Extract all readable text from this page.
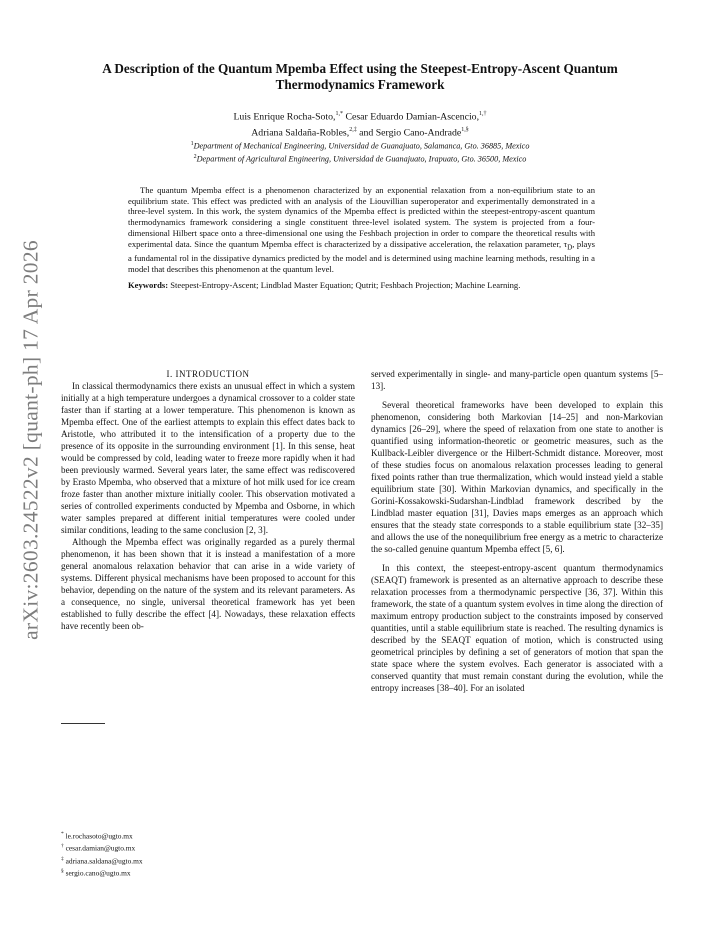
arXiv:2603.24522v2 [quant-ph] 17 Apr 2026
A Description of the Quantum Mpemba Effect using the Steepest-Entropy-Ascent Quantum Thermodynamics Framework
Luis Enrique Rocha-Soto,$^{1,*}$ Cesar Eduardo Damian-Ascencio,$^{1,\dagger}$
Adriana Saldaña-Robles,$^{2,\ddagger}$ and Sergio Cano-Andrade$^{1,\S}$
$^1$Department of Mechanical Engineering, Universidad de Guanajuato, Salamanca, Gto. 36885, Mexico
$^2$Department of Agricultural Engineering, Universidad de Guanajuato, Irapuato, Gto. 36500, Mexico

The quantum Mpemba effect is a phenomenon characterized by an exponential relaxation from a non-equilibrium state to an equilibrium state. This effect was predicted with an analysis of the Liouvillian superoperator and experimentally demonstrated in a three-level system. In this work, the system dynamics of the Mpemba effect is predicted within the steepest-entropy-ascent quantum thermodynamics framework considering a single constituent three-level isolated system. The system is projected from a four-dimensional Hilbert space onto a three-dimensional one using the Feshbach projection in order to compare the theoretical results with experimental data. Since the quantum Mpemba effect is characterized by a dissipative acceleration, the relaxation parameter, $\tau_D$, plays a fundamental rol in the dissipative dynamics predicted by the model and is determined using machine learning methods, resulting in a model that describes this phenomenon at the quantum level.

Keywords: Steepest-Entropy-Ascent; Lindblad Master Equation; Qutrit; Feshbach Projection; Machine Learning.

I. INTRODUCTION

In classical thermodynamics there exists an unusual effect in which a system initially at a high temperature undergoes a dynamical crossover to a colder state faster than if starting at a lower temperature. This phenomenon is known as Mpemba effect. One of the earliest attempts to explain this effect dates back to Aristotle, who attributed it to the intensification of a property due to the presence of its opposite in the surrounding environment [1]. In this sense, heat would be compressed by cold, leading water to freeze more rapidly when it had been previously warmed. Several years later, the same effect was rediscovered by Erasto Mpemba, who observed that a mixture of hot milk used for ice cream froze faster than another mixture initially cooler. This observation motivated a series of controlled experiments conducted by Mpemba and Osborne, in which water samples prepared at different initial temperatures were cooled under similar conditions, leading to the same conclusion [2, 3].

Although the Mpemba effect was originally regarded as a purely thermal phenomenon, it has been shown that it is instead a manifestation of a more general anomalous relaxation behavior that can arise in a wide variety of systems. Different physical mechanisms have been proposed to account for this behavior, depending on the nature of the system and its relevant parameters. As a consequence, no single, universal theoretical framework has yet been established to fully describe the effect [4]. Nowadays, these relaxation effects have recently been ob-

served experimentally in single- and many-particle open quantum systems [5–13].

Several theoretical frameworks have been developed to explain this phenomenon, considering both Markovian [14–25] and non-Markovian dynamics [26–29], where the speed of relaxation from one state to another is quantified using information-theoretic or geometric measures, such as the Kullback-Leibler divergence or the Hilbert-Schmidt distance. Moreover, most of these studies focus on anomalous relaxation processes leading to general fixed points rather than true thermalization, which would instead yield a stable equilibrium state [30]. Within Markovian dynamics, and specifically in the Gorini-Kossakowski-Sudarshan-Lindblad framework described by the Lindblad master equation [31], Davies maps emerges as an approach which ensures that the steady state corresponds to a stable equilibrium state [32–35] and allows the use of the nonequilibrium free energy as a metric to characterize the so-called genuine quantum Mpemba effect [5, 6].

In this context, the steepest-entropy-ascent quantum thermodynamics (SEAQT) framework is presented as an alternative approach to describe these relaxation processes from a thermodynamic perspective [36, 37]. Within this framework, the state of a quantum system evolves in time along the direction of maximum entropy production subject to the constraints imposed by conserved quantities, until a stable equilibrium state is reached. The resulting dynamics is described by the SEAQT equation of motion, which is constructed using geometrical principles by defining a set of generators of motion that span the state space where the system evolves. Each generator is associated with a conserved quantity that must remain constant during the evolution, while the entropy increases [38–40]. For an isolated

* le.rochasoto@ugto.mx
† cesar.damian@ugto.mx
‡ adriana.saldana@ugto.mx
§ sergio.cano@ugto.mx
